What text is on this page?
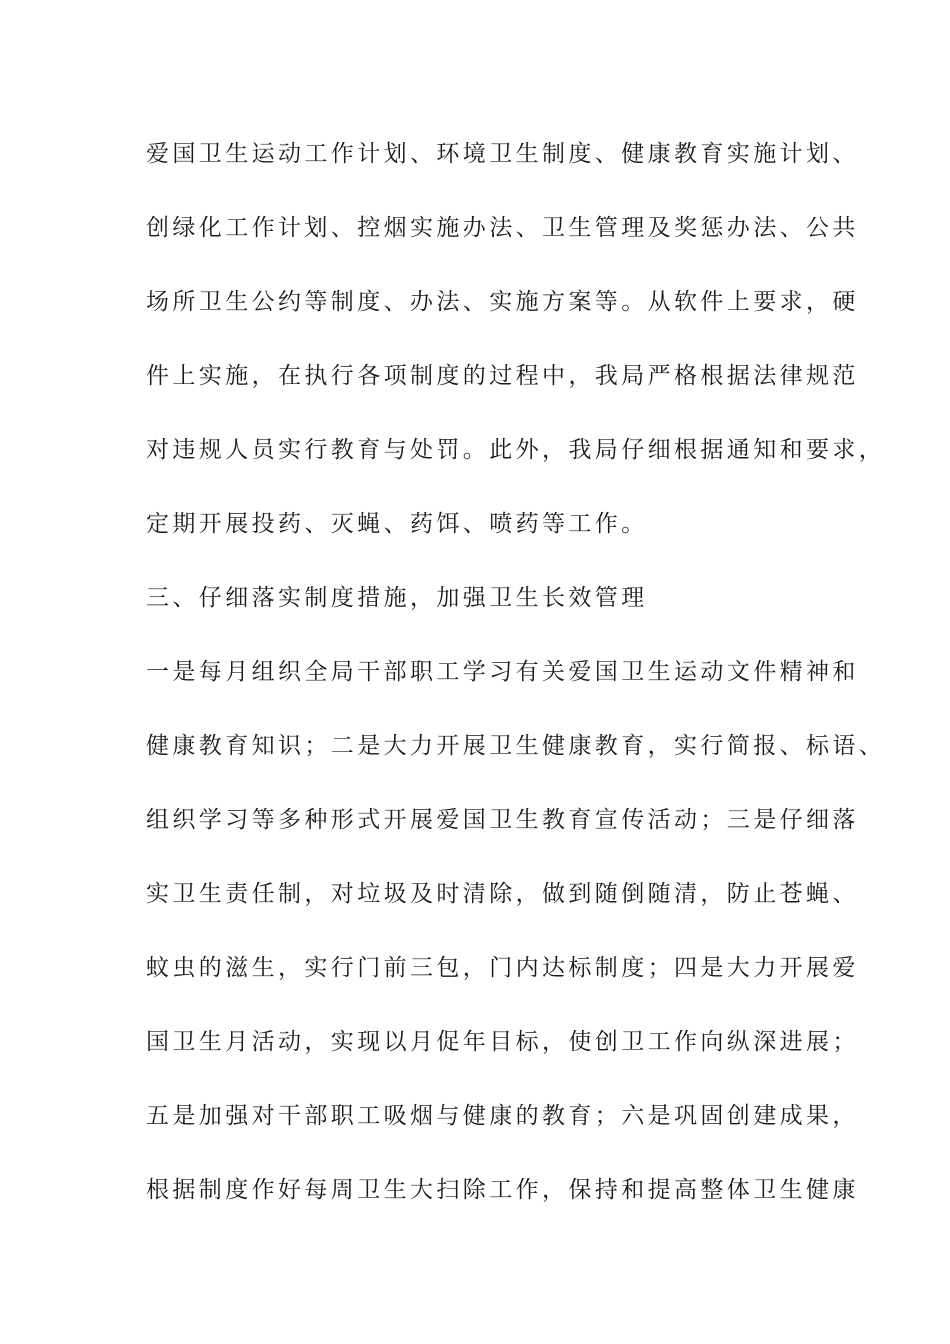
爱国卫生运动工作计划、环境卫生制度、健康教育实施计划、
创绿化工作计划、控烟实施办法、卫生管理及奖惩办法、公共
场所卫生公约等制度、办法、实施方案等。从软件上要求，硬
件上实施，在执行各项制度的过程中，我局严格根据法律规范
对违规人员实行教育与处罚。此外，我局仔细根据通知和要求，
定期开展投药、灭蝇、药饵、喷药等工作。
三、仔细落实制度措施，加强卫生长效管理
一是每月组织全局干部职工学习有关爱国卫生运动文件精神和
健康教育知识；二是大力开展卫生健康教育，实行简报、标语、
组织学习等多种形式开展爱国卫生教育宣传活动；三是仔细落
实卫生责任制，对垃圾及时清除，做到随倒随清，防止苍蝇、
蚊虫的滋生，实行门前三包，门内达标制度；四是大力开展爱
国卫生月活动，实现以月促年目标，使创卫工作向纵深进展；
五是加强对干部职工吸烟与健康的教育；六是巩固创建成果，
根据制度作好每周卫生大扫除工作，保持和提高整体卫生健康
